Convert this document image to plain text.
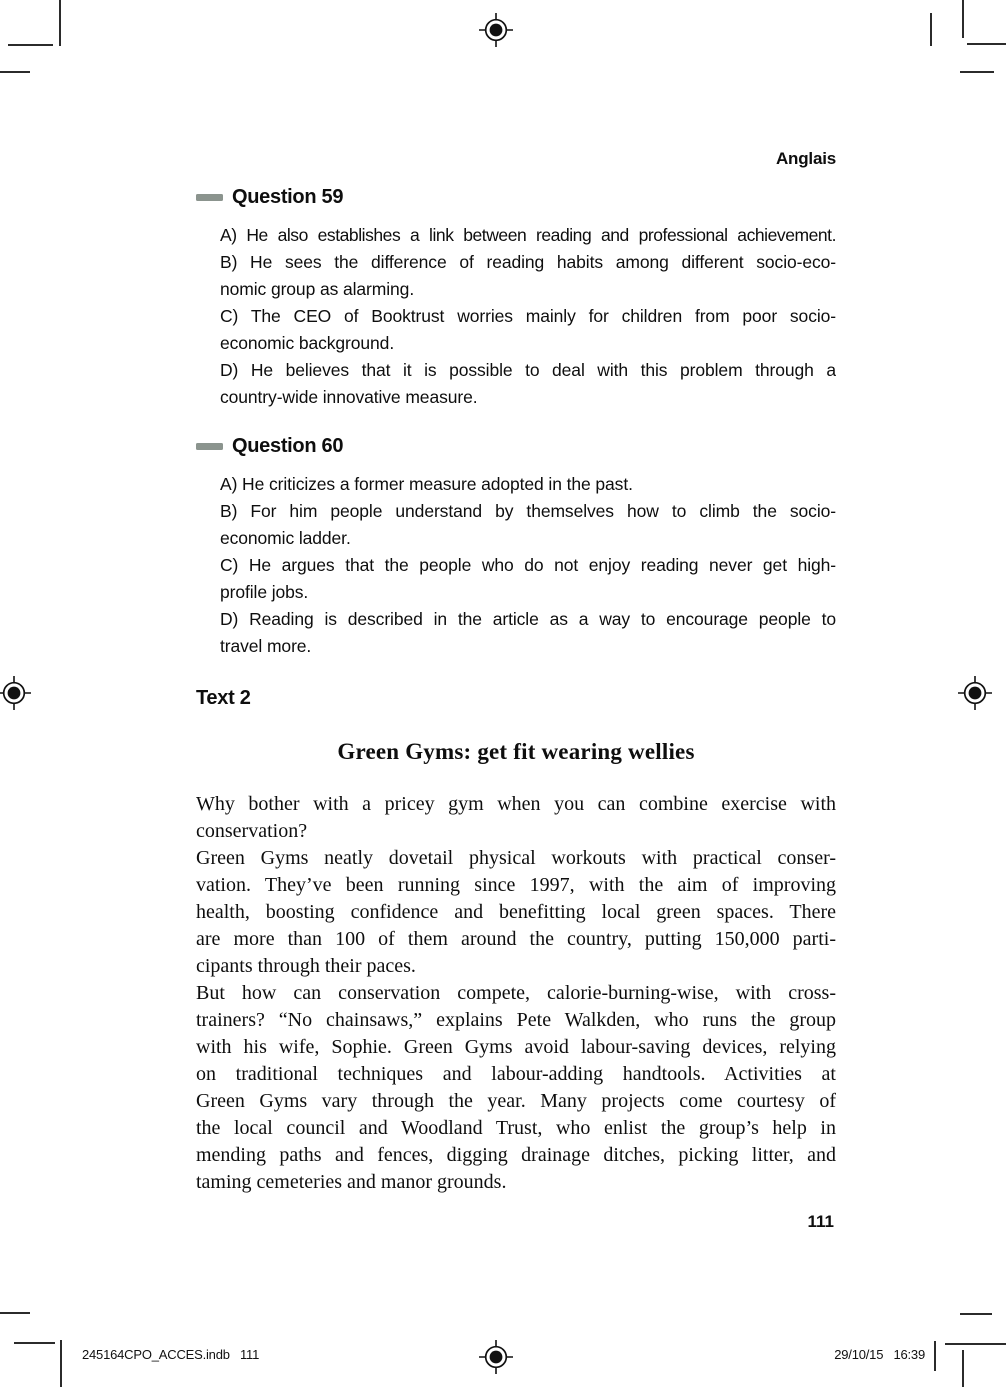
Anglais
Question 59
A) He also establishes a link between reading and professional achievement.
B) He sees the difference of reading habits among different socio-eco-
nomic group as alarming.
C) The CEO of Booktrust worries mainly for children from poor socio-
economic background.
D) He believes that it is possible to deal with this problem through a
country-wide innovative measure.
Question 60
A) He criticizes a former measure adopted in the past.
B) For him people understand by themselves how to climb the socio-
economic ladder.
C) He argues that the people who do not enjoy reading never get high-
profile jobs.
D) Reading is described in the article as a way to encourage people to
travel more.
Text 2
Green Gyms: get fit wearing wellies
Why bother with a pricey gym when you can combine exercise with
conservation?
Green Gyms neatly dovetail physical workouts with practical conser-
vation. They’ve been running since 1997, with the aim of improving
health, boosting confidence and benefitting local green spaces. There
are more than 100 of them around the country, putting 150,000 parti-
cipants through their paces.
But how can conservation compete, calorie-burning-wise, with cross-
trainers? “No chainsaws,” explains Pete Walkden, who runs the group
with his wife, Sophie. Green Gyms avoid labour-saving devices, relying
on traditional techniques and labour-adding handtools. Activities at
Green Gyms vary through the year. Many projects come courtesy of
the local council and Woodland Trust, who enlist the group’s help in
mending paths and fences, digging drainage ditches, picking litter, and
taming cemeteries and manor grounds.
111
245164CPO_ACCES.indb   111	29/10/15   16:39
